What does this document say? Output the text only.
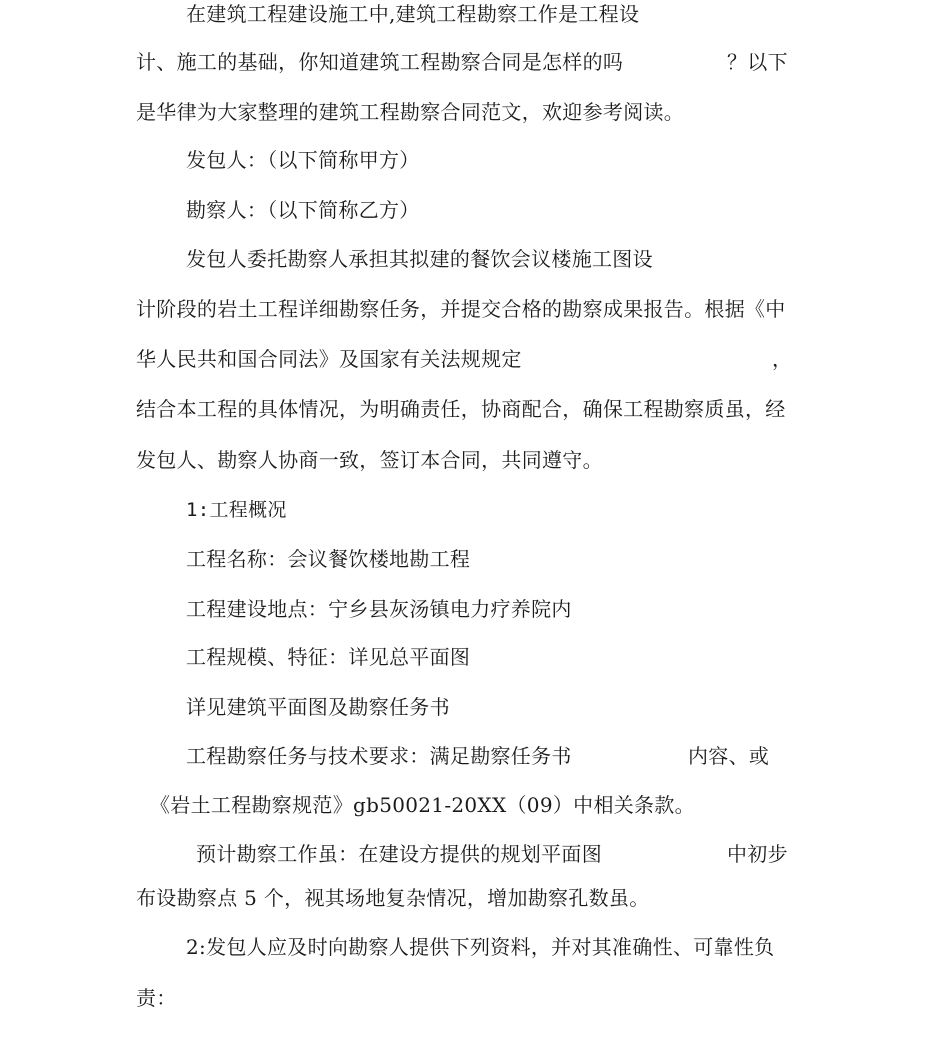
在建筑工程建设施工中,建筑工程勘察工作是工程设

计、施工的基础，你知道建筑工程勘察合同是怎样的吗	？以下

是华律为大家整理的建筑工程勘察合同范文，欢迎参考阅读。

发包人：（以下简称甲方）

勘察人：（以下简称乙方）

发包人委托勘察人承担其拟建的餐饮会议楼施工图设

计阶段的岩土工程详细勘察任务，并提交合格的勘察成果报告。根据《中

华人民共和国合同法》及国家有关法规规定	，

结合本工程的具体情况，为明确责任，协商配合，确保工程勘察质虽，经

发包人、勘察人协商一致，签订本合同，共同遵守。

1:工程概况

工程名称：会议餐饮楼地勘工程

工程建设地点：宁乡县灰汤镇电力疗养院内

工程规模、特征：详见总平面图

详见建筑平面图及勘察任务书

工程勘察任务与技术要求：满足勘察任务书	内容、或

《岩土工程勘察规范》gb50021-20XX（09）中相关条款。

预计勘察工作虽：在建设方提供的规划平面图	中初步

布设勘察点 5 个，视其场地复杂情况，增加勘察孔数虽。

2:发包人应及时向勘察人提供下列资料，并对其准确性、可靠性负

责：
